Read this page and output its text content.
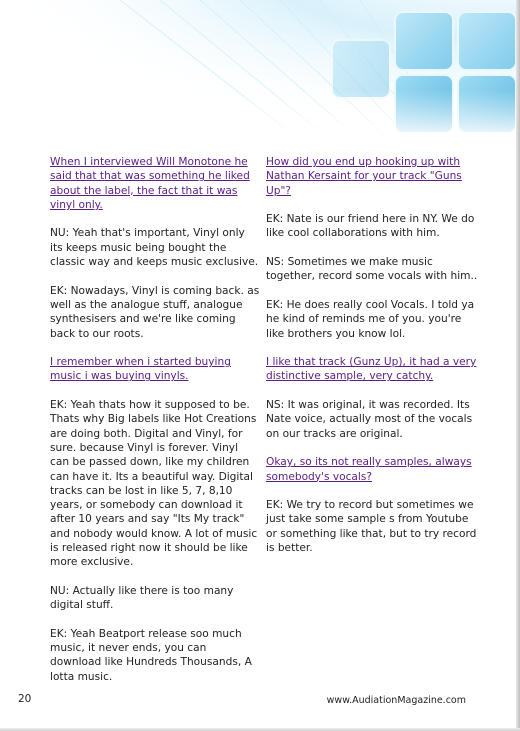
When I interviewed Will Monotone he said that that was something he liked about the label, the fact that it was vinyl only.

NU: Yeah that's important, Vinyl only its keeps music being bought the classic way and keeps music exclusive.

EK: Nowadays, Vinyl is coming back. as well as the analogue stuff, analogue synthesisers and we're like coming back to our roots.

I remember when i started buying music i was buying vinyls.

EK: Yeah thats how it supposed to be. Thats why Big labels like Hot Creations are doing both. Digital and Vinyl, for sure. because Vinyl is forever. Vinyl can be passed down, like my children can have it. Its a beautiful way. Digital tracks can be lost in like 5, 7, 8,10 years, or somebody can download it after 10 years and say "Its My track" and nobody would know. A lot of music is released right now it should be like more exclusive.

NU: Actually like there is too many digital stuff.

EK: Yeah Beatport release soo much music, it never ends, you can download like Hundreds Thousands, A lotta music.

How did you end up hooking up with Nathan Kersaint for your track "Guns Up"?

EK: Nate is our friend here in NY. We do like cool collaborations with him.

NS: Sometimes we make music together, record some vocals with him..

EK: He does really cool Vocals. I told ya he kind of reminds me of you. you're like brothers you know lol.

I like that track (Gunz Up), it had a very distinctive sample, very catchy.

NS: It was original, it was recorded. Its Nate voice, actually most of the vocals on our tracks are original.

Okay, so its not really samples, always somebody's vocals?

EK: We try to record but sometimes we just take some sample s from Youtube or something like that, but to try record is better.

20	www.AudiationMagazine.com
